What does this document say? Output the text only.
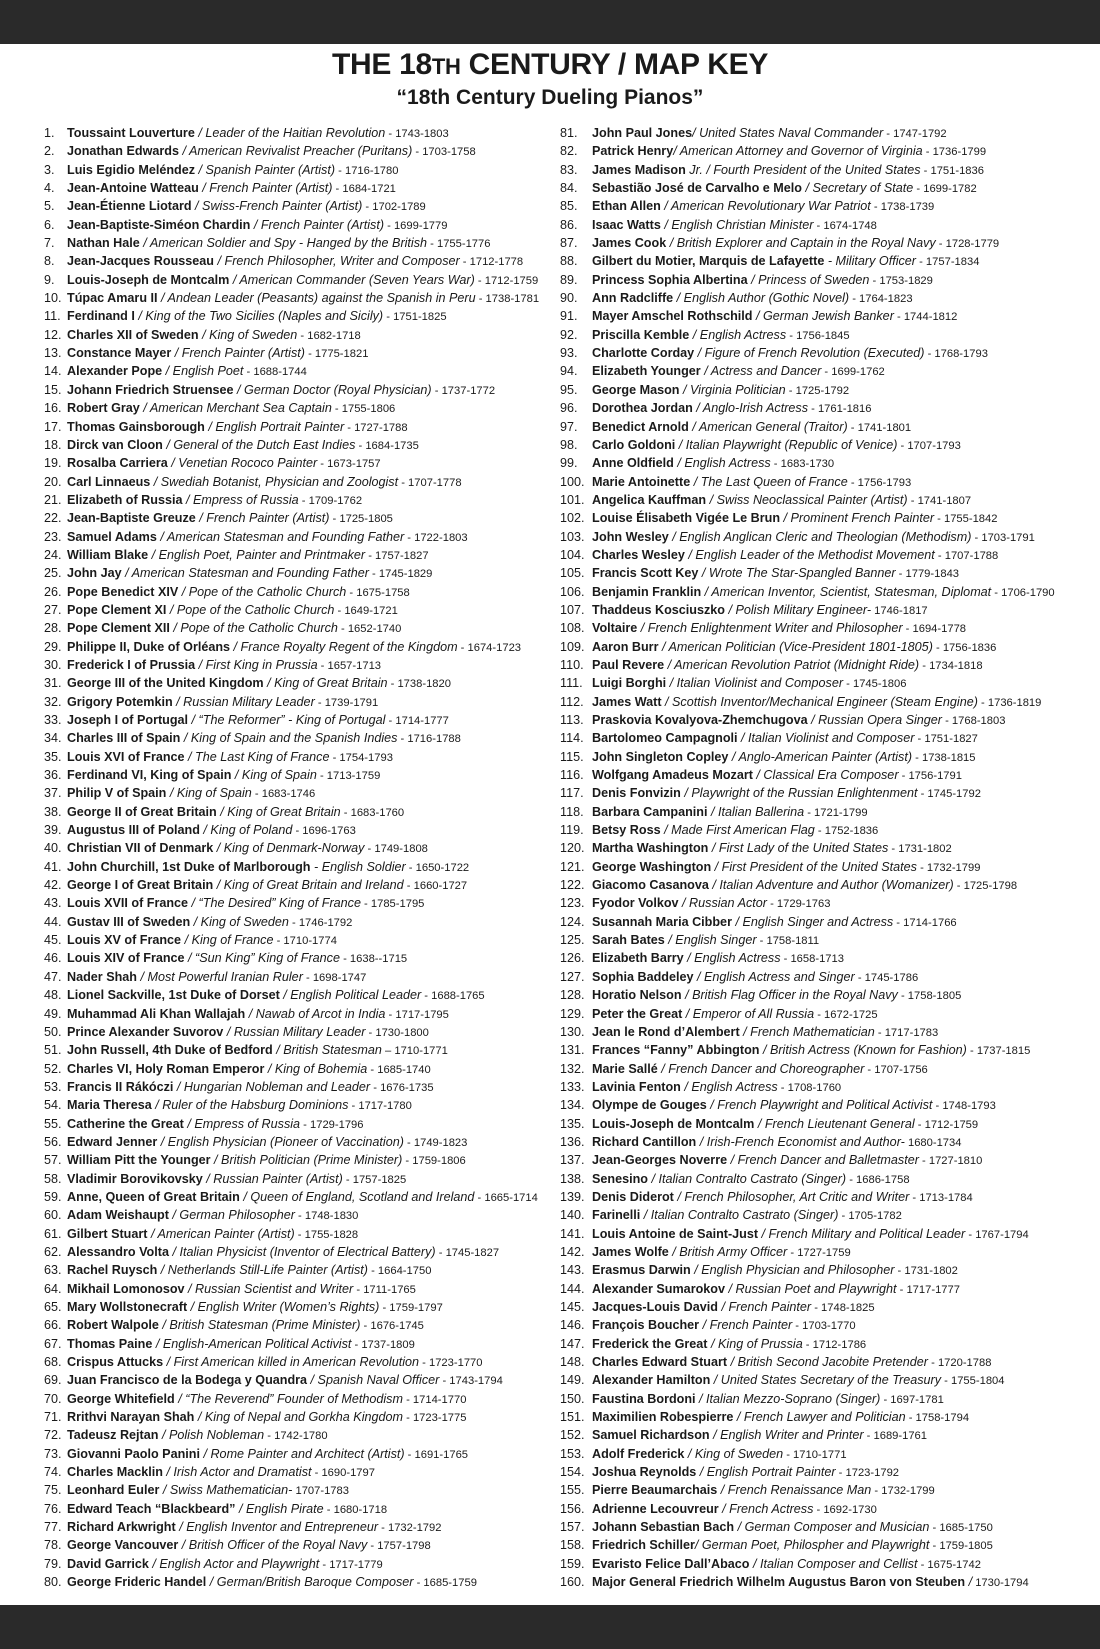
THE 18TH CENTURY / MAP KEY
“18th Century Dueling Pianos”
1. Toussaint Louverture / Leader of the Haitian Revolution - 1743-1803
2. Jonathan Edwards / American Revivalist Preacher (Puritans) - 1703-1758
3. Luis Egidio Meléndez / Spanish Painter (Artist) - 1716-1780
4. Jean-Antoine Watteau / French Painter (Artist) - 1684-1721
5. Jean-Étienne Liotard / Swiss-French Painter (Artist) - 1702-1789
6. Jean-Baptiste-Siméon Chardin / French Painter (Artist) - 1699-1779
7. Nathan Hale / American Soldier and Spy - Hanged by the British - 1755-1776
8. Jean-Jacques Rousseau / French Philosopher, Writer and Composer - 1712-1778
9. Louis-Joseph de Montcalm / American Commander (Seven Years War) - 1712-1759
10. Túpac Amaru II / Andean Leader (Peasants) against the Spanish in Peru - 1738-1781
11. Ferdinand I / King of the Two Sicilies (Naples and Sicily) - 1751-1825
12. Charles XII of Sweden / King of Sweden - 1682-1718
13. Constance Mayer / French Painter (Artist) - 1775-1821
14. Alexander Pope / English Poet - 1688-1744
15. Johann Friedrich Struensee / German Doctor (Royal Physician) - 1737-1772
16. Robert Gray / American Merchant Sea Captain - 1755-1806
17. Thomas Gainsborough / English Portrait Painter - 1727-1788
18. Dirck van Cloon / General of the Dutch East Indies - 1684-1735
19. Rosalba Carriera / Venetian Rococo Painter - 1673-1757
20. Carl Linnaeus / Swediah Botanist, Physician and Zoologist - 1707-1778
21. Elizabeth of Russia / Empress of Russia - 1709-1762
22. Jean-Baptiste Greuze / French Painter (Artist) - 1725-1805
23. Samuel Adams / American Statesman and Founding Father - 1722-1803
24. William Blake / English Poet, Painter and Printmaker - 1757-1827
25. John Jay / American Statesman and Founding Father - 1745-1829
26. Pope Benedict XIV / Pope of the Catholic Church - 1675-1758
27. Pope Clement XI / Pope of the Catholic Church - 1649-1721
28. Pope Clement XII / Pope of the Catholic Church - 1652-1740
29. Philippe II, Duke of Orléans / France Royalty Regent of the Kingdom - 1674-1723
30. Frederick I of Prussia / First King in Prussia - 1657-1713
31. George III of the United Kingdom / King of Great Britain - 1738-1820
32. Grigory Potemkin / Russian Military Leader - 1739-1791
33. Joseph I of Portugal / “The Reformer” - King of Portugal - 1714-1777
34. Charles III of Spain / King of Spain and the Spanish Indies - 1716-1788
35. Louis XVI of France / The Last King of France - 1754-1793
36. Ferdinand VI, King of Spain / King of Spain - 1713-1759
37. Philip V of Spain / King of Spain - 1683-1746
38. George II of Great Britain / King of Great Britain - 1683-1760
39. Augustus III of Poland / King of Poland - 1696-1763
40. Christian VII of Denmark / King of Denmark-Norway - 1749-1808
41. John Churchill, 1st Duke of Marlborough - English Soldier - 1650-1722
42. George I of Great Britain / King of Great Britain and Ireland - 1660-1727
43. Louis XVII of France / “The Desired” King of France - 1785-1795
44. Gustav III of Sweden / King of Sweden - 1746-1792
45. Louis XV of France / King of France - 1710-1774
46. Louis XIV of France / “Sun King” King of France - 1638--1715
47. Nader Shah / Most Powerful Iranian Ruler - 1698-1747
48. Lionel Sackville, 1st Duke of Dorset / English Political Leader - 1688-1765
49. Muhammad Ali Khan Wallajah / Nawab of Arcot in India - 1717-1795
50. Prince Alexander Suvorov / Russian Military Leader - 1730-1800
51. John Russell, 4th Duke of Bedford / British Statesman – 1710-1771
52. Charles VI, Holy Roman Emperor / King of Bohemia - 1685-1740
53. Francis II Rákóczi / Hungarian Nobleman and Leader - 1676-1735
54. Maria Theresa / Ruler of the Habsburg Dominions - 1717-1780
55. Catherine the Great / Empress of Russia - 1729-1796
56. Edward Jenner / English Physician (Pioneer of Vaccination) - 1749-1823
57. William Pitt the Younger / British Politician (Prime Minister) - 1759-1806
58. Vladimir Borovikovsky / Russian Painter (Artist) - 1757-1825
59. Anne, Queen of Great Britain / Queen of England, Scotland and Ireland - 1665-1714
60. Adam Weishaupt / German Philosopher - 1748-1830
61. Gilbert Stuart / American Painter (Artist) - 1755-1828
62. Alessandro Volta / Italian Physicist (Inventor of Electrical Battery) - 1745-1827
63. Rachel Ruysch / Netherlands Still-Life Painter (Artist) - 1664-1750
64. Mikhail Lomonosov / Russian Scientist and Writer - 1711-1765
65. Mary Wollstonecraft / English Writer (Women’s Rights) - 1759-1797
66. Robert Walpole / British Statesman (Prime Minister) - 1676-1745
67. Thomas Paine / English-American Political Activist - 1737-1809
68. Crispus Attucks / First American killed in American Revolution - 1723-1770
69. Juan Francisco de la Bodega y Quandra / Spanish Naval Officer - 1743-1794
70. George Whitefield / “The Reverend” Founder of Methodism - 1714-1770
71. Rrithvi Narayan Shah / King of Nepal and Gorkha Kingdom - 1723-1775
72. Tadeusz Rejtan / Polish Nobleman - 1742-1780
73. Giovanni Paolo Panini / Rome Painter and Architect (Artist) - 1691-1765
74. Charles Macklin / Irish Actor and Dramatist - 1690-1797
75. Leonhard Euler / Swiss Mathematician- 1707-1783
76. Edward Teach “Blackbeard” / English Pirate - 1680-1718
77. Richard Arkwright / English Inventor and Entrepreneur - 1732-1792
78. George Vancouver / British Officer of the Royal Navy - 1757-1798
79. David Garrick / English Actor and Playwright - 1717-1779
80. George Frideric Handel / German/British Baroque Composer - 1685-1759
81. John Paul Jones/ United States Naval Commander - 1747-1792
82. Patrick Henry/ American Attorney and Governor of Virginia - 1736-1799
83. James Madison Jr. / Fourth President of the United States - 1751-1836
84. Sebastião José de Carvalho e Melo / Secretary of State - 1699-1782
85. Ethan Allen / American Revolutionary War Patriot - 1738-1739
86. Isaac Watts / English Christian Minister - 1674-1748
87. James Cook / British Explorer and Captain in the Royal Navy - 1728-1779
88. Gilbert du Motier, Marquis de Lafayette - Military Officer - 1757-1834
89. Princess Sophia Albertina / Princess of Sweden - 1753-1829
90. Ann Radcliffe / English Author (Gothic Novel) - 1764-1823
91. Mayer Amschel Rothschild / German Jewish Banker - 1744-1812
92. Priscilla Kemble / English Actress - 1756-1845
93. Charlotte Corday / Figure of French Revolution (Executed) - 1768-1793
94. Elizabeth Younger / Actress and Dancer - 1699-1762
95. George Mason / Virginia Politician - 1725-1792
96. Dorothea Jordan / Anglo-Irish Actress - 1761-1816
97. Benedict Arnold / American General (Traitor) - 1741-1801
98. Carlo Goldoni / Italian Playwright (Republic of Venice) - 1707-1793
99. Anne Oldfield / English Actress - 1683-1730
100. Marie Antoinette / The Last Queen of France - 1756-1793
101. Angelica Kauffman / Swiss Neoclassical Painter (Artist) - 1741-1807
102. Louise Élisabeth Vigée Le Brun / Prominent French Painter - 1755-1842
103. John Wesley / English Anglican Cleric and Theologian (Methodism) - 1703-1791
104. Charles Wesley / English Leader of the Methodist Movement - 1707-1788
105. Francis Scott Key / Wrote The Star-Spangled Banner - 1779-1843
106. Benjamin Franklin / American Inventor, Scientist, Statesman, Diplomat - 1706-1790
107. Thaddeus Kosciuszko / Polish Military Engineer- 1746-1817
108. Voltaire / French Enlightenment Writer and Philosopher - 1694-1778
109. Aaron Burr / American Politician (Vice-President 1801-1805) - 1756-1836
110. Paul Revere / American Revolution Patriot (Midnight Ride) - 1734-1818
111. Luigi Borghi / Italian Violinist and Composer - 1745-1806
112. James Watt / Scottish Inventor/Mechanical Engineer (Steam Engine) - 1736-1819
113. Praskovia Kovalyova-Zhemchugova / Russian Opera Singer - 1768-1803
114. Bartolomeo Campagnoli / Italian Violinist and Composer - 1751-1827
115. John Singleton Copley / Anglo-American Painter (Artist) - 1738-1815
116. Wolfgang Amadeus Mozart / Classical Era Composer - 1756-1791
117. Denis Fonvizin / Playwright of the Russian Enlightenment - 1745-1792
118. Barbara Campanini / Italian Ballerina - 1721-1799
119. Betsy Ross / Made First American Flag - 1752-1836
120. Martha Washington / First Lady of the United States - 1731-1802
121. George Washington / First President of the United States - 1732-1799
122. Giacomo Casanova / Italian Adventure and Author (Womanizer) - 1725-1798
123. Fyodor Volkov / Russian Actor - 1729-1763
124. Susannah Maria Cibber / English Singer and Actress - 1714-1766
125. Sarah Bates / English Singer - 1758-1811
126. Elizabeth Barry / English Actress - 1658-1713
127. Sophia Baddeley / English Actress and Singer - 1745-1786
128. Horatio Nelson / British Flag Officer in the Royal Navy - 1758-1805
129. Peter the Great / Emperor of All Russia - 1672-1725
130. Jean le Rond d’Alembert / French Mathematician - 1717-1783
131. Frances “Fanny” Abbington / British Actress (Known for Fashion) - 1737-1815
132. Marie Sallé / French Dancer and Choreographer - 1707-1756
133. Lavinia Fenton / English Actress - 1708-1760
134. Olympe de Gouges / French Playwright and Political Activist - 1748-1793
135. Louis-Joseph de Montcalm / French Lieutenant General - 1712-1759
136. Richard Cantillon / Irish-French Economist and Author- 1680-1734
137. Jean-Georges Noverre / French Dancer and Balletmaster - 1727-1810
138. Senesino / Italian Contralto Castrato (Singer) - 1686-1758
139. Denis Diderot / French Philosopher, Art Critic and Writer - 1713-1784
140. Farinelli / Italian Contralto Castrato (Singer) - 1705-1782
141. Louis Antoine de Saint-Just / French Military and Political Leader - 1767-1794
142. James Wolfe / British Army Officer - 1727-1759
143. Erasmus Darwin / English Physician and Philosopher - 1731-1802
144. Alexander Sumarokov / Russian Poet and Playwright - 1717-1777
145. Jacques-Louis David / French Painter - 1748-1825
146. François Boucher / French Painter - 1703-1770
147. Frederick the Great / King of Prussia - 1712-1786
148. Charles Edward Stuart / British Second Jacobite Pretender - 1720-1788
149. Alexander Hamilton / United States Secretary of the Treasury - 1755-1804
150. Faustina Bordoni / Italian Mezzo-Soprano (Singer) - 1697-1781
151. Maximilien Robespierre / French Lawyer and Politician - 1758-1794
152. Samuel Richardson / English Writer and Printer - 1689-1761
153. Adolf Frederick / King of Sweden - 1710-1771
154. Joshua Reynolds / English Portrait Painter - 1723-1792
155. Pierre Beaumarchais / French Renaissance Man - 1732-1799
156. Adrienne Lecouvreur / French Actress - 1692-1730
157. Johann Sebastian Bach / German Composer and Musician - 1685-1750
158. Friedrich Schiller/ German Poet, Philospher and Playwright - 1759-1805
159. Evaristo Felice Dall’Abaco / Italian Composer and Cellist - 1675-1742
160. Major General Friedrich Wilhelm Augustus Baron von Steuben / 1730-1794
